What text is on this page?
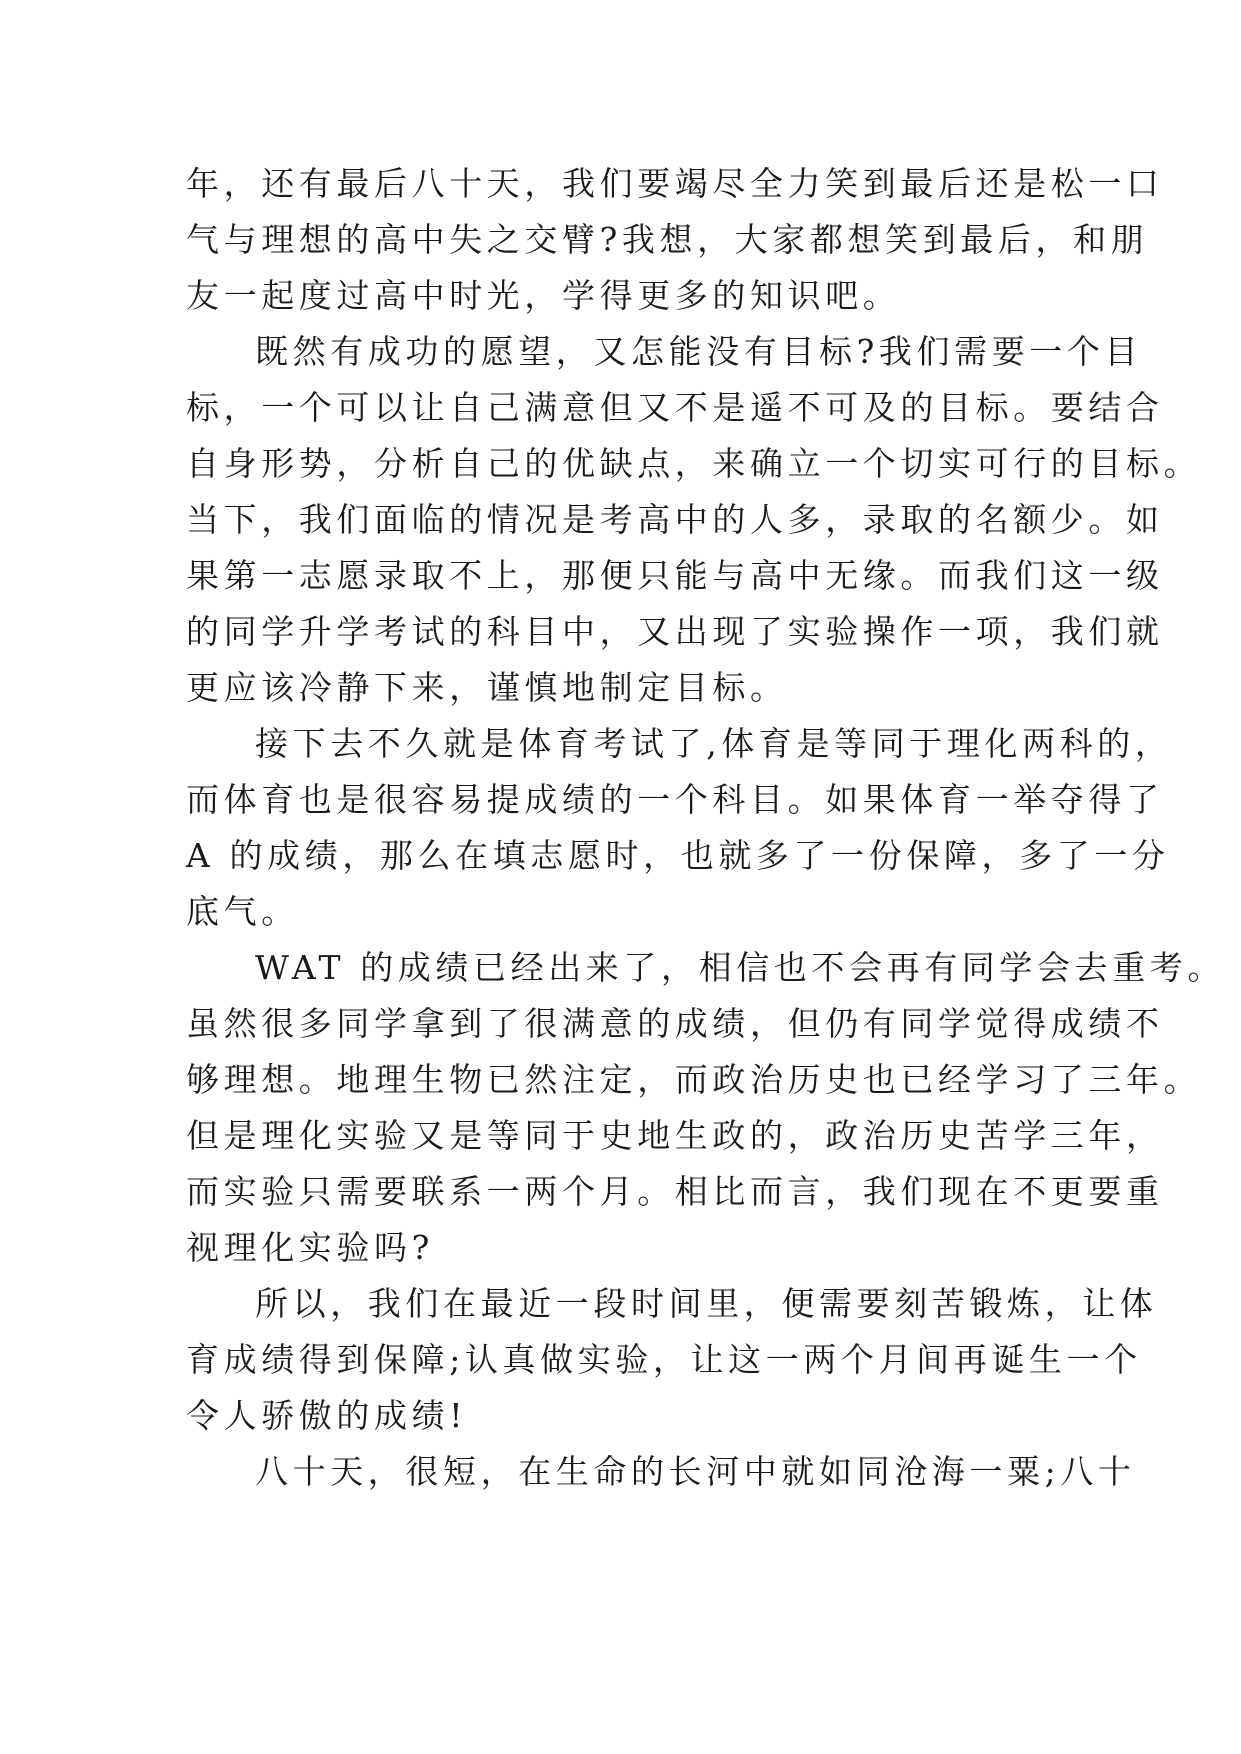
年，还有最后八十天，我们要竭尽全力笑到最后还是松一口
气与理想的高中失之交臂?我想，大家都想笑到最后，和朋
友一起度过高中时光，学得更多的知识吧。
既然有成功的愿望，又怎能没有目标?我们需要一个目
标，一个可以让自己满意但又不是遥不可及的目标。要结合
自身形势，分析自己的优缺点，来确立一个切实可行的目标。
当下，我们面临的情况是考高中的人多，录取的名额少。如
果第一志愿录取不上，那便只能与高中无缘。而我们这一级
的同学升学考试的科目中，又出现了实验操作一项，我们就
更应该冷静下来，谨慎地制定目标。
接下去不久就是体育考试了,体育是等同于理化两科的，
而体育也是很容易提成绩的一个科目。如果体育一举夺得了
A 的成绩，那么在填志愿时，也就多了一份保障，多了一分
底气。
WAT 的成绩已经出来了，相信也不会再有同学会去重考。
虽然很多同学拿到了很满意的成绩，但仍有同学觉得成绩不
够理想。地理生物已然注定，而政治历史也已经学习了三年。
但是理化实验又是等同于史地生政的，政治历史苦学三年，
而实验只需要联系一两个月。相比而言，我们现在不更要重
视理化实验吗?
所以，我们在最近一段时间里，便需要刻苦锻炼，让体
育成绩得到保障;认真做实验，让这一两个月间再诞生一个
令人骄傲的成绩!
八十天，很短，在生命的长河中就如同沧海一粟;八十
